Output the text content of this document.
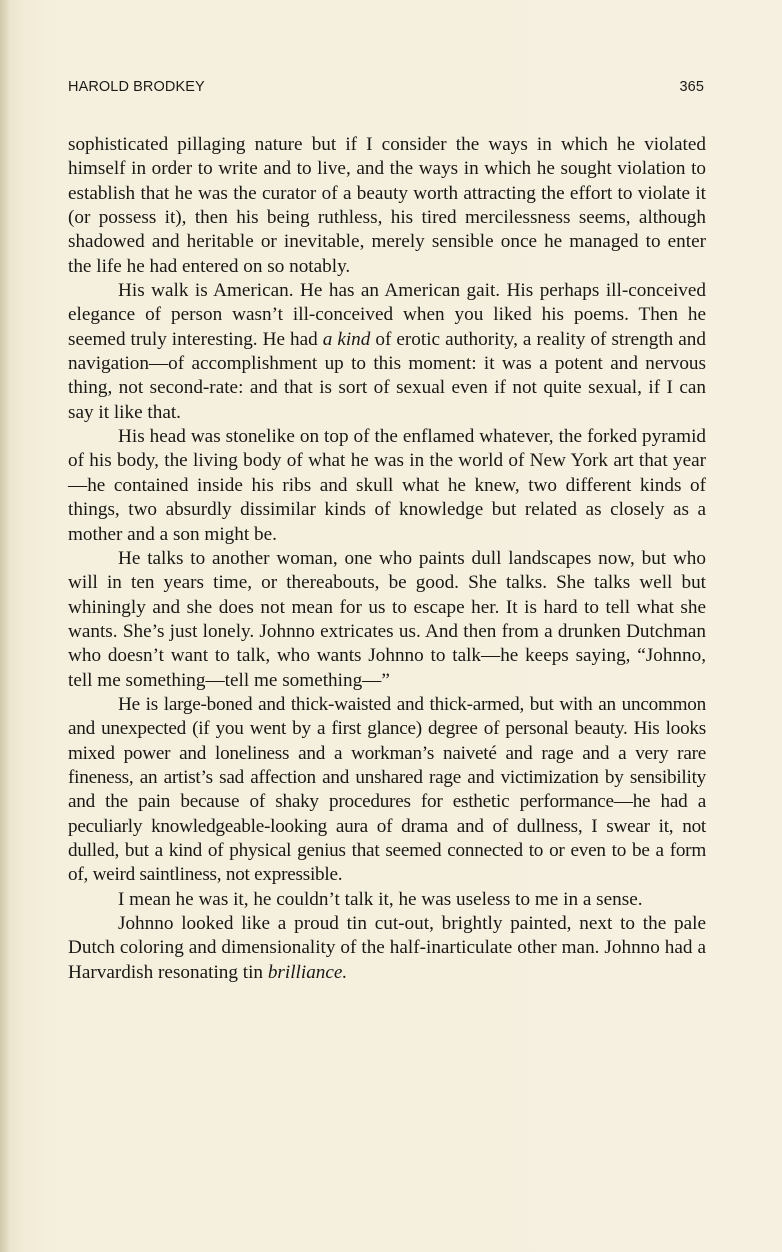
HAROLD BRODKEY	365

sophisticated pillaging nature but if I consider the ways in which he violated himself in order to write and to live, and the ways in which he sought violation to establish that he was the curator of a beauty worth attracting the effort to violate it (or possess it), then his being ruthless, his tired mercilessness seems, although shadowed and heritable or inevitable, merely sensible once he managed to enter the life he had entered on so notably.

His walk is American. He has an American gait. His perhaps ill-conceived elegance of person wasn’t ill-conceived when you liked his poems. Then he seemed truly interesting. He had a kind of erotic authority, a reality of strength and navigation—of accomplishment up to this moment: it was a potent and nervous thing, not second-rate: and that is sort of sexual even if not quite sexual, if I can say it like that.

His head was stonelike on top of the enflamed whatever, the forked pyramid of his body, the living body of what he was in the world of New York art that year—he contained inside his ribs and skull what he knew, two different kinds of things, two absurdly dissimilar kinds of knowledge but related as closely as a mother and a son might be.

He talks to another woman, one who paints dull landscapes now, but who will in ten years time, or thereabouts, be good. She talks. She talks well but whiningly and she does not mean for us to escape her. It is hard to tell what she wants. She’s just lonely. Johnno extricates us. And then from a drunken Dutchman who doesn’t want to talk, who wants Johnno to talk—he keeps saying, “Johnno, tell me something—tell me something—”

He is large-boned and thick-waisted and thick-armed, but with an uncommon and unexpected (if you went by a first glance) degree of personal beauty. His looks mixed power and loneliness and a workman’s naiveté and rage and a very rare fineness, an artist’s sad affection and unshared rage and victimization by sensibility and the pain because of shaky procedures for esthetic performance—he had a peculiarly knowledgeable-looking aura of drama and of dullness, I swear it, not dulled, but a kind of physical genius that seemed connected to or even to be a form of, weird saintliness, not expressible.

I mean he was it, he couldn’t talk it, he was useless to me in a sense.

Johnno looked like a proud tin cut-out, brightly painted, next to the pale Dutch coloring and dimensionality of the half-inarticulate other man. Johnno had a Harvardish resonating tin brilliance.
